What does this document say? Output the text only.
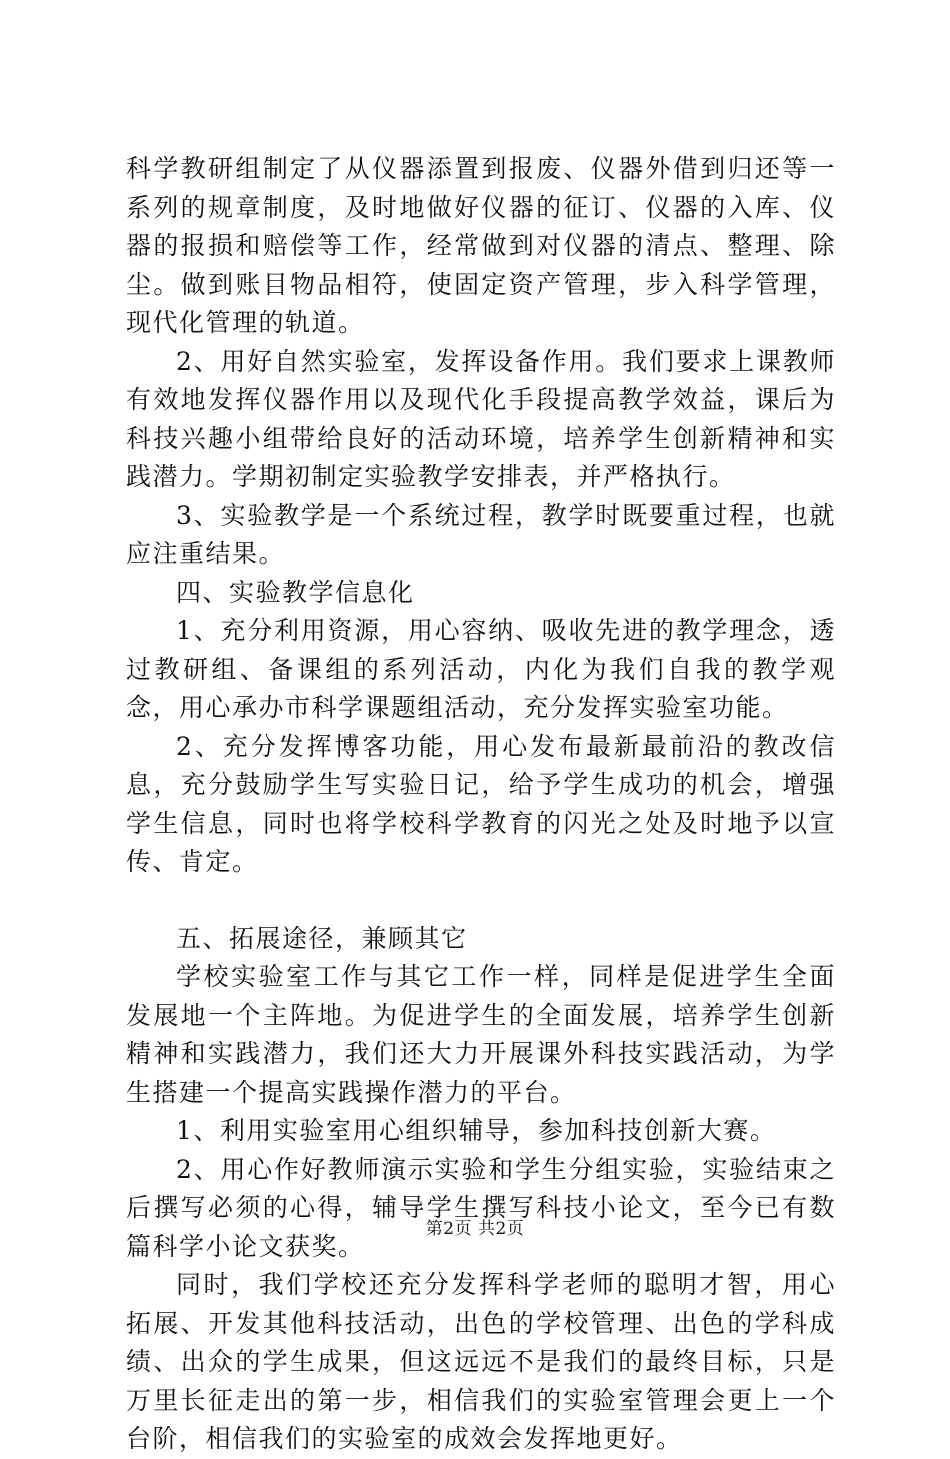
科学教研组制定了从仪器添置到报废、仪器外借到归还等一系列的规章制度，及时地做好仪器的征订、仪器的入库、仪器的报损和赔偿等工作，经常做到对仪器的清点、整理、除尘。做到账目物品相符，使固定资产管理，步入科学管理，现代化管理的轨道。

2、用好自然实验室，发挥设备作用。我们要求上课教师有效地发挥仪器作用以及现代化手段提高教学效益，课后为科技兴趣小组带给良好的活动环境，培养学生创新精神和实践潜力。学期初制定实验教学安排表，并严格执行。

3、实验教学是一个系统过程，教学时既要重过程，也就应注重结果。

四、实验教学信息化

1、充分利用资源，用心容纳、吸收先进的教学理念，透过教研组、备课组的系列活动，内化为我们自我的教学观念，用心承办市科学课题组活动，充分发挥实验室功能。

2、充分发挥博客功能，用心发布最新最前沿的教改信息，充分鼓励学生写实验日记，给予学生成功的机会，增强学生信息，同时也将学校科学教育的闪光之处及时地予以宣传、肯定。

五、拓展途径，兼顾其它

学校实验室工作与其它工作一样，同样是促进学生全面发展地一个主阵地。为促进学生的全面发展，培养学生创新精神和实践潜力，我们还大力开展课外科技实践活动，为学生搭建一个提高实践操作潜力的平台。

1、利用实验室用心组织辅导，参加科技创新大赛。

2、用心作好教师演示实验和学生分组实验，实验结束之后撰写必须的心得，辅导学生撰写科技小论文，至今已有数篇科学小论文获奖。

同时，我们学校还充分发挥科学老师的聪明才智，用心拓展、开发其他科技活动，出色的学校管理、出色的学科成绩、出众的学生成果，但这远远不是我们的最终目标，只是万里长征走出的第一步，相信我们的实验室管理会更上一个台阶，相信我们的实验室的成效会发挥地更好。

第2页 共2页
